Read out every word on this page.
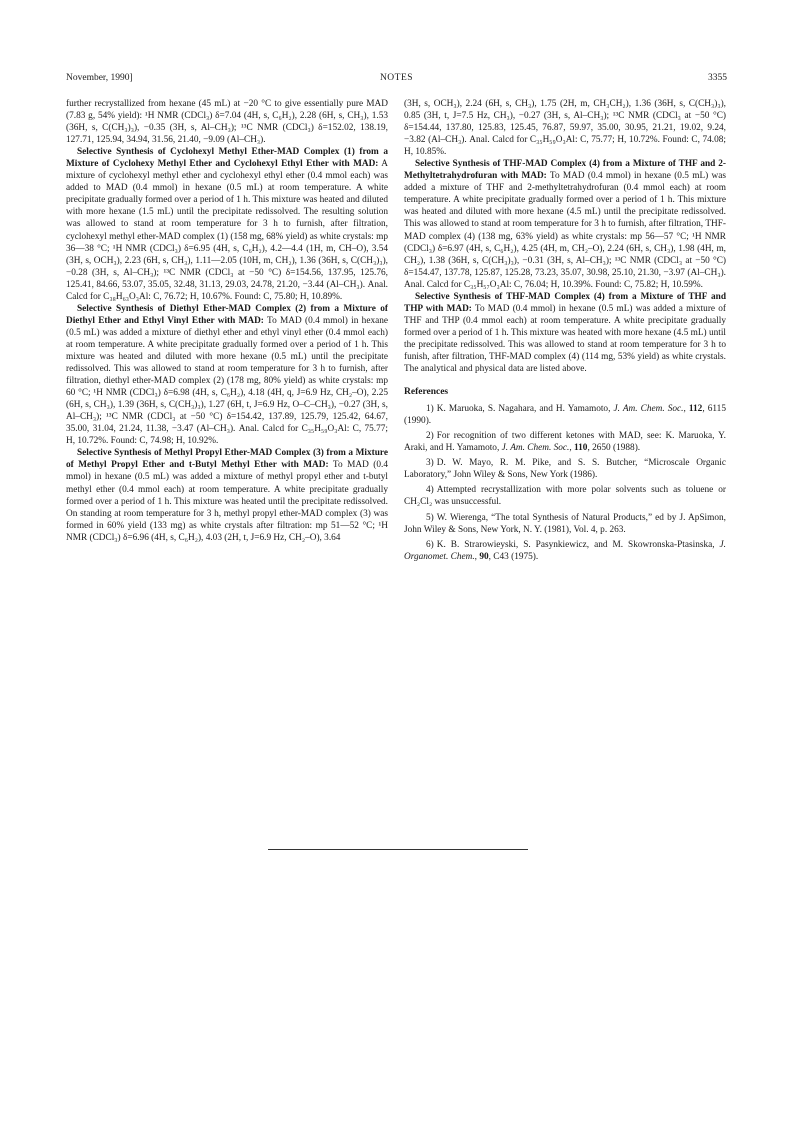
NOTES
November, 1990]	3355

further recrystallized from hexane (45 mL) at −20 °C to give essentially pure MAD (7.83 g, 54% yield): ¹H NMR (CDCl₃) δ=7.04 (4H, s, C₆H₂), 2.28 (6H, s, CH₃), 1.53 (36H, s, C(CH₃)₃), −0.35 (3H, s, Al–CH₃); ¹³C NMR (CDCl₃) δ=152.02, 138.19, 127.71, 125.94, 34.94, 31.56, 21.40, −9.09 (Al–CH₃).

Selective Synthesis of Cyclohexyl Methyl Ether-MAD Complex (1) from a Mixture of Cyclohexy Methyl Ether and Cyclohexyl Ethyl Ether with MAD: A mixture of cyclohexyl methyl ether and cyclohexyl ethyl ether (0.4 mmol each) was added to MAD (0.4 mmol) in hexane (0.5 mL) at room temperature. A white precipitate gradually formed over a period of 1 h. This mixture was heated and diluted with more hexane (1.5 mL) until the precipitate redissolved. The resulting solution was allowed to stand at room temperature for 3 h to furnish, after filtration, cyclohexyl methyl ether-MAD complex (1) (158 mg, 68% yield) as white crystals: mp 36—38 °C; ¹H NMR (CDCl₃) δ=6.95 (4H, s, C₆H₂), 4.2—4.4 (1H, m, CH–O), 3.54 (3H, s, OCH₃), 2.23 (6H, s, CH₃), 1.11—2.05 (10H, m, CH₂), 1.36 (36H, s, C(CH₃)₃), −0.28 (3H, s, Al–CH₃); ¹³C NMR (CDCl₃ at −50 °C) δ=154.56, 137.95, 125.76, 125.41, 84.66, 53.07, 35.05, 32.48, 31.13, 29.03, 24.78, 21.20, −3.44 (Al–CH₃). Anal. Calcd for C₃₈H₆₃O₃Al: C, 76.72; H, 10.67%. Found: C, 75.80; H, 10.89%.

Selective Synthesis of Diethyl Ether-MAD Complex (2) from a Mixture of Diethyl Ether and Ethyl Vinyl Ether with MAD: To MAD (0.4 mmol) in hexane (0.5 mL) was added a mixture of diethyl ether and ethyl vinyl ether (0.4 mmol each) at room temperature. A white precipitate gradually formed over a period of 1 h. This mixture was heated and diluted with more hexane (0.5 mL) until the precipitate redissolved. This was allowed to stand at room temperature for 3 h to furnish, after filtration, diethyl ether-MAD complex (2) (178 mg, 80% yield) as white crystals: mp 60 °C; ¹H NMR (CDCl₃) δ=6.98 (4H, s, C₆H₂), 4.18 (4H, q, J=6.9 Hz, CH₂–O), 2.25 (6H, s, CH₃), 1.39 (36H, s, C(CH₃)₃), 1.27 (6H, t, J=6.9 Hz, O–C–CH₃), −0.27 (3H, s, Al–CH₃); ¹³C NMR (CDCl₃ at −50 °C) δ=154.42, 137.89, 125.79, 125.42, 64.67, 35.00, 31.04, 21.24, 11.38, −3.47 (Al–CH₃). Anal. Calcd for C₃₅H₅₉O₃Al: C, 75.77; H, 10.72%. Found: C, 74.98; H, 10.92%.

Selective Synthesis of Methyl Propyl Ether-MAD Complex (3) from a Mixture of Methyl Propyl Ether and t-Butyl Methyl Ether with MAD: To MAD (0.4 mmol) in hexane (0.5 mL) was added a mixture of methyl propyl ether and t-butyl methyl ether (0.4 mmol each) at room temperature. A white precipitate gradually formed over a period of 1 h. This mixture was heated until the precipitate redissolved. On standing at room temperature for 3 h, methyl propyl ether-MAD complex (3) was formed in 60% yield (133 mg) as white crystals after filtration: mp 51—52 °C; ¹H NMR (CDCl₃) δ=6.96 (4H, s, C₆H₂), 4.03 (2H, t, J=6.9 Hz, CH₂–O), 3.64

(3H, s, OCH₃), 2.24 (6H, s, CH₃), 1.75 (2H, m, CH₃CH₂), 1.36 (36H, s, C(CH₃)₃), 0.85 (3H, t, J=7.5 Hz, CH₃), −0.27 (3H, s, Al–CH₃); ¹³C NMR (CDCl₃ at −50 °C) δ=154.44, 137.80, 125.83, 125.45, 76.87, 59.97, 35.00, 30.95, 21.21, 19.02, 9.24, −3.82 (Al–CH₃). Anal. Calcd for C₃₅H₅₉O₃Al: C, 75.77; H, 10.72%. Found: C, 74.08; H, 10.85%.

Selective Synthesis of THF-MAD Complex (4) from a Mixture of THF and 2-Methyltetrahydrofuran with MAD: To MAD (0.4 mmol) in hexane (0.5 mL) was added a mixture of THF and 2-methyltetrahydrofuran (0.4 mmol each) at room temperature. A white precipitate gradually formed over a period of 1 h. This mixture was heated and diluted with more hexane (4.5 mL) until the precipitate redissolved. This was allowed to stand at room temperature for 3 h to furnish, after filtration, THF-MAD complex (4) (138 mg, 63% yield) as white crystals: mp 56—57 °C; ¹H NMR (CDCl₃) δ=6.97 (4H, s, C₆H₂), 4.25 (4H, m, CH₂–O), 2.24 (6H, s, CH₃), 1.98 (4H, m, CH₂), 1.38 (36H, s, C(CH₃)₃), −0.31 (3H, s, Al–CH₃); ¹³C NMR (CDCl₃ at −50 °C) δ=154.47, 137.78, 125.87, 125.28, 73.23, 35.07, 30.98, 25.10, 21.30, −3.97 (Al–CH₃). Anal. Calcd for C₃₅H₅₇O₃Al: C, 76.04; H, 10.39%. Found: C, 75.82; H, 10.59%.

Selective Synthesis of THF-MAD Complex (4) from a Mixture of THF and THP with MAD: To MAD (0.4 mmol) in hexane (0.5 mL) was added a mixture of THF and THP (0.4 mmol each) at room temperature. A white precipitate gradually formed over a period of 1 h. This mixture was heated with more hexane (4.5 mL) until the precipitate redissolved. This was allowed to stand at room temperature for 3 h to funish, after filtration, THF-MAD complex (4) (114 mg, 53% yield) as white crystals. The analytical and physical data are listed above.

References

1) K. Maruoka, S. Nagahara, and H. Yamamoto, J. Am. Chem. Soc., 112, 6115 (1990).

2) For recognition of two different ketones with MAD, see: K. Maruoka, Y. Araki, and H. Yamamoto, J. Am. Chem. Soc., 110, 2650 (1988).

3) D. W. Mayo, R. M. Pike, and S. S. Butcher, “Microscale Organic Laboratory,” John Wiley & Sons, New York (1986).

4) Attempted recrystallization with more polar solvents such as toluene or CH₂Cl₂ was unsuccessful.

5) W. Wierenga, “The total Synthesis of Natural Products,” ed by J. ApSimon, John Wiley & Sons, New York, N. Y. (1981), Vol. 4, p. 263.

6) K. B. Strarowieyski, S. Pasynkiewicz, and M. Skowronska-Ptasinska, J. Organomet. Chem., 90, C43 (1975).
